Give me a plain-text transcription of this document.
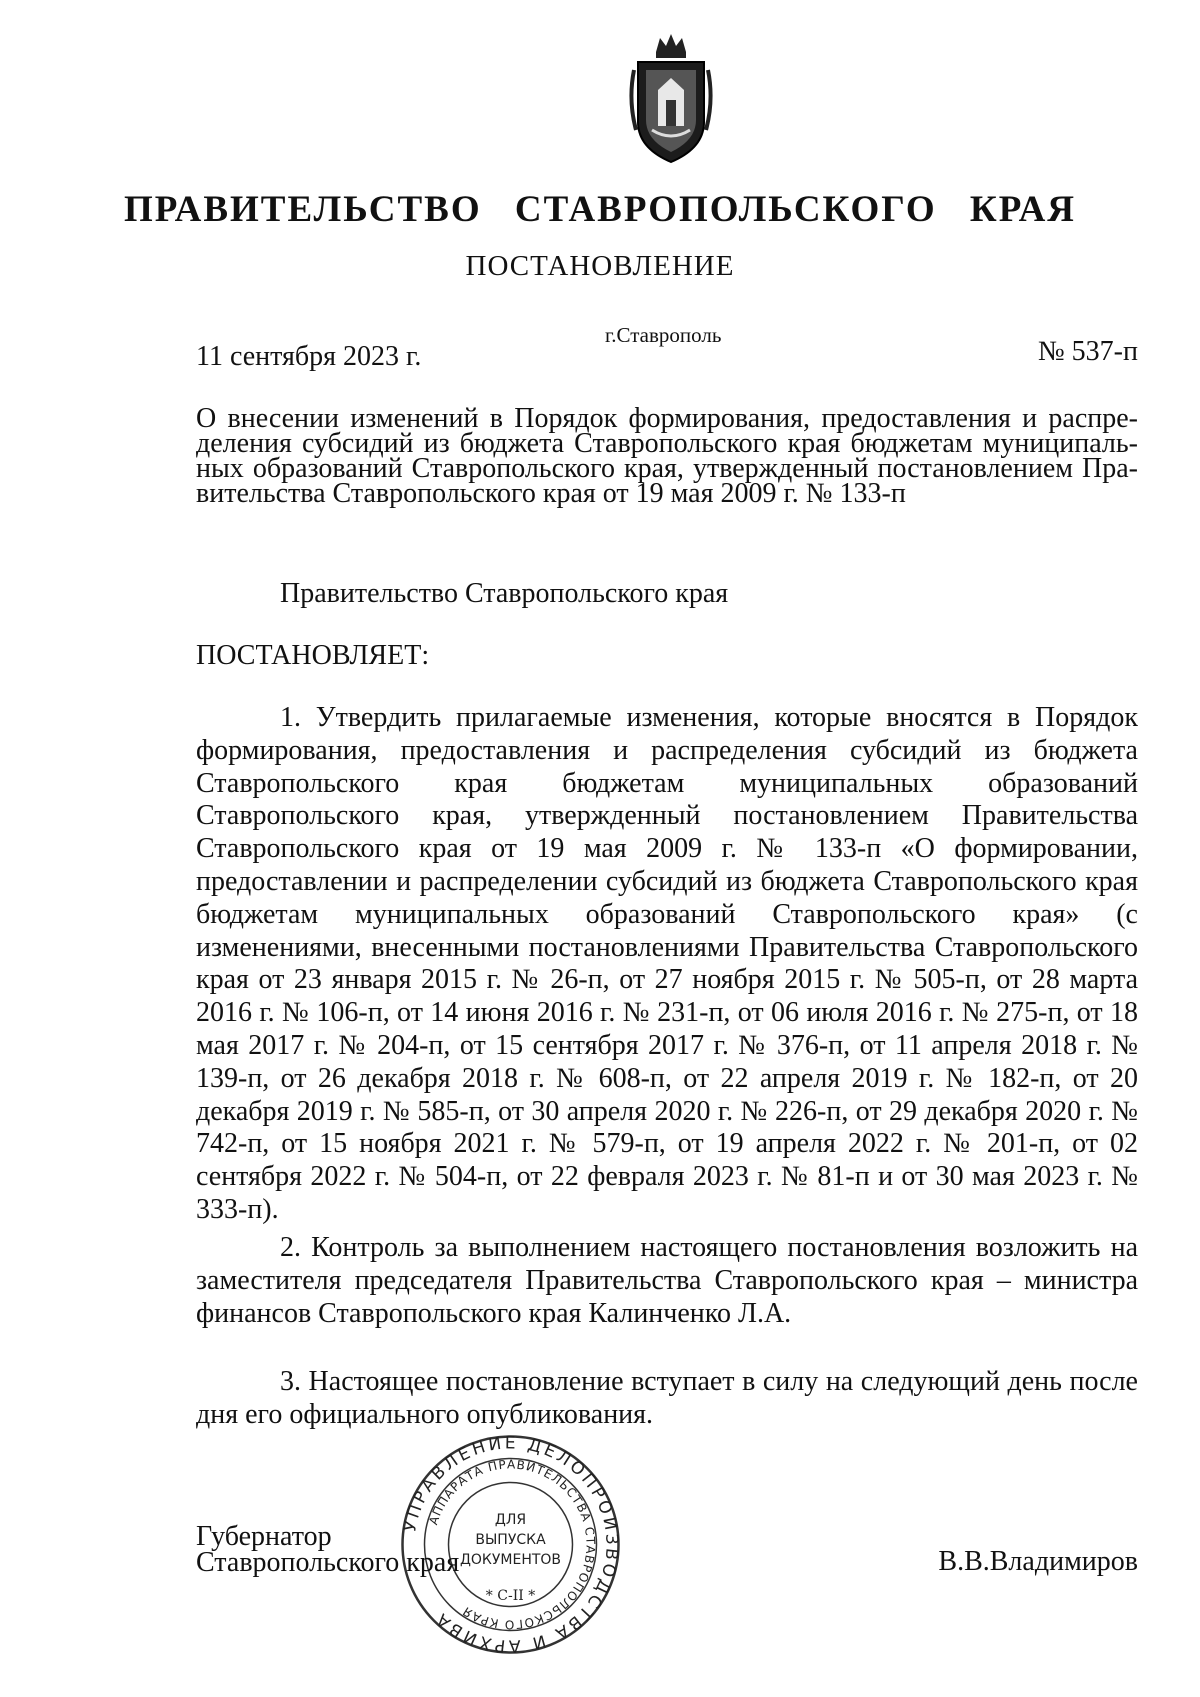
ПРАВИТЕЛЬСТВО СТАВРОПОЛЬСКОГО КРАЯ
ПОСТАНОВЛЕНИЕ
г.Ставрополь
11 сентября 2023 г.	№ 537-п
О внесении изменений в Порядок формирования, предоставления и распре-
деления субсидий из бюджета Ставропольского края бюджетам муниципаль-
ных образований Ставропольского края, утвержденный постановлением Пра-
вительства Ставропольского края от 19 мая 2009 г. № 133-п
Правительство Ставропольского края
ПОСТАНОВЛЯЕТ:
1. Утвердить прилагаемые изменения, которые вносятся в Порядок формирования, предоставления и распределения субсидий из бюджета Ставропольского края бюджетам муниципальных образований Ставропольского края, утвержденный постановлением Правительства Ставропольского края от 19 мая 2009 г. № 133-п «О формировании, предоставлении и распределении субсидий из бюджета Ставропольского края бюджетам муниципальных образований Ставропольского края» (с изменениями, внесенными постановлениями Правительства Ставропольского края от 23 января 2015 г. № 26-п, от 27 ноября 2015 г. № 505-п, от 28 марта 2016 г. № 106-п, от 14 июня 2016 г. № 231-п, от 06 июля 2016 г. № 275-п, от 18 мая 2017 г. № 204-п, от 15 сентября 2017 г. № 376-п, от 11 апреля 2018 г. № 139-п, от 26 декабря 2018 г. № 608-п, от 22 апреля 2019 г. № 182-п, от 20 декабря 2019 г. № 585-п, от 30 апреля 2020 г. № 226-п, от 29 декабря 2020 г. № 742-п, от 15 ноября 2021 г. № 579-п, от 19 апреля 2022 г. № 201-п, от 02 сентября 2022 г. № 504-п, от 22 февраля 2023 г. № 81-п и от 30 мая 2023 г. № 333-п).
2. Контроль за выполнением настоящего постановления возложить на заместителя председателя Правительства Ставропольского края – министра финансов Ставропольского края Калинченко Л.А.
3. Настоящее постановление вступает в силу на следующий день после дня его официального опубликования.
УПРАВЛЕНИЕ ДЕЛОПРОИЗВОДСТВА И АРХИВА
АППАРАТА ПРАВИТЕЛЬСТВА СТАВРОПОЛЬСКОГО КРАЯ
ДЛЯ
ВЫПУСКА
ДОКУМЕНТОВ
* С-II *
Губернатор
Ставропольского края	В.В.Владимиров
